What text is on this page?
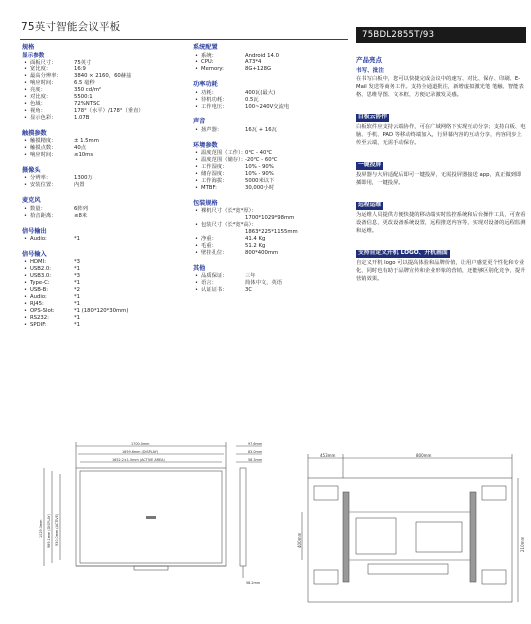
75英寸智能会议平板
75BDL2855T/93
规格
显示参数
• 面板尺寸：	75英寸
• 宽比度：	16:9
• 最高分辨率：	3840 × 2160，60赫兹
• 响应时间：	6.5 毫秒
• 亮度：	350 cd/m²
• 对比度：	5500:1
• 色域：	72%NTSC
• 视角：	178°（水平）/178°（垂直）
• 显示色彩：	1.07B
触摸参数
• 触摸精度：	± 1.5mm
• 触摸点数：	40点
• 响应时间：	≤10ms
摄像头
• 分辨率：	1300万
• 安装位置：	内置
麦克风
• 数量：	6阵列
• 拾音距离：	≤8米
信号输出
• Audio:	*1
信号输入
• HDMI:	*3
• USB2.0:	*1
• USB3.0:	*3
• Type-C:	*1
• USB-B:	*2
• Audio:	*1
• RJ45:	*1
• OPS-Slot:	*1 (180*120*30mm)
• RS232:	*1
• SPDIF:	*1
系统配置
• 系统：	Android 14.0
• CPU:	A73*4
• Memory:	8G+128G
功率功耗
• 功耗：	400瓦(最大)
• 待机功耗：	0.5瓦
• 工作电压：	100~240V交流电
声音
• 扬声器：	16瓦 + 16瓦
环境参数
• 温度范围（工作）：
0℃ - 40℃
• 温度范围（储存）：
-20℃ - 60℃
• 工作湿度：	10% - 90%
• 储存湿度：	10% - 90%
• 工作海拔：	5000米以下
• MTBF:	30,000小时
包装规格
• 裸机尺寸（长*宽*厚）：
1700*1029*98mm
• 包装尺寸（长*宽*高）：
1863*225*1155mm
• 净重：	41.4 Kg
• 毛重：	51.2 Kg
• 壁挂孔位：	800*400mm
其他
• 品质保证：	三年
• 语言：	简体中文，英语
• 认证证书：	3C
产品亮点
书写、批注

在书写白板中，您可以快捷完成会议中的速写、对比、保存、印刷、E-Mail 发送等商务工作。支持全通道批注，新增虚拟激光笔 笔触、智能表格、思维导图、文本框，方便记录激发灵感。

白板云协作

白板软件应支持云端协作，可在广域网络下实现互动分享；支持白板、电脑、手机、PAD 等移动终端加入，行屏幕内容的互动分享，内容同步上传至云端，无需手动保存。

一键投屏

投屏器与大屏适配后即可一键投屏，无需投屏器接送 app，真正做到即插即用，一键投屏。

远程运维

为运维人员提供方便快捷的移动端实时监控系统和后台操作工具，可查看设备信息，更改设备系统设置，远程推送内容等，实现对设备的远程监测和运维。

支持自定义开机 LOGO、开机画面

自定义开机 logo 可以提高体验和品牌价值，让用户感觉更个性化和专业化，同时也有助于品牌宣传和企业形象的营销，还能够区别化竞争，提升营销效果。

1700.0mm
1659.6mm (DISPLAY)
1652.2±1.5mm (ACTIVE AREA)
97.6mm
83.0mm
58.3mm
1029.0mm 989.1mm (DISPLAY) 930.0mm (ACTIVE)
58.2mm
453mm	800mm
400mm	210mm
